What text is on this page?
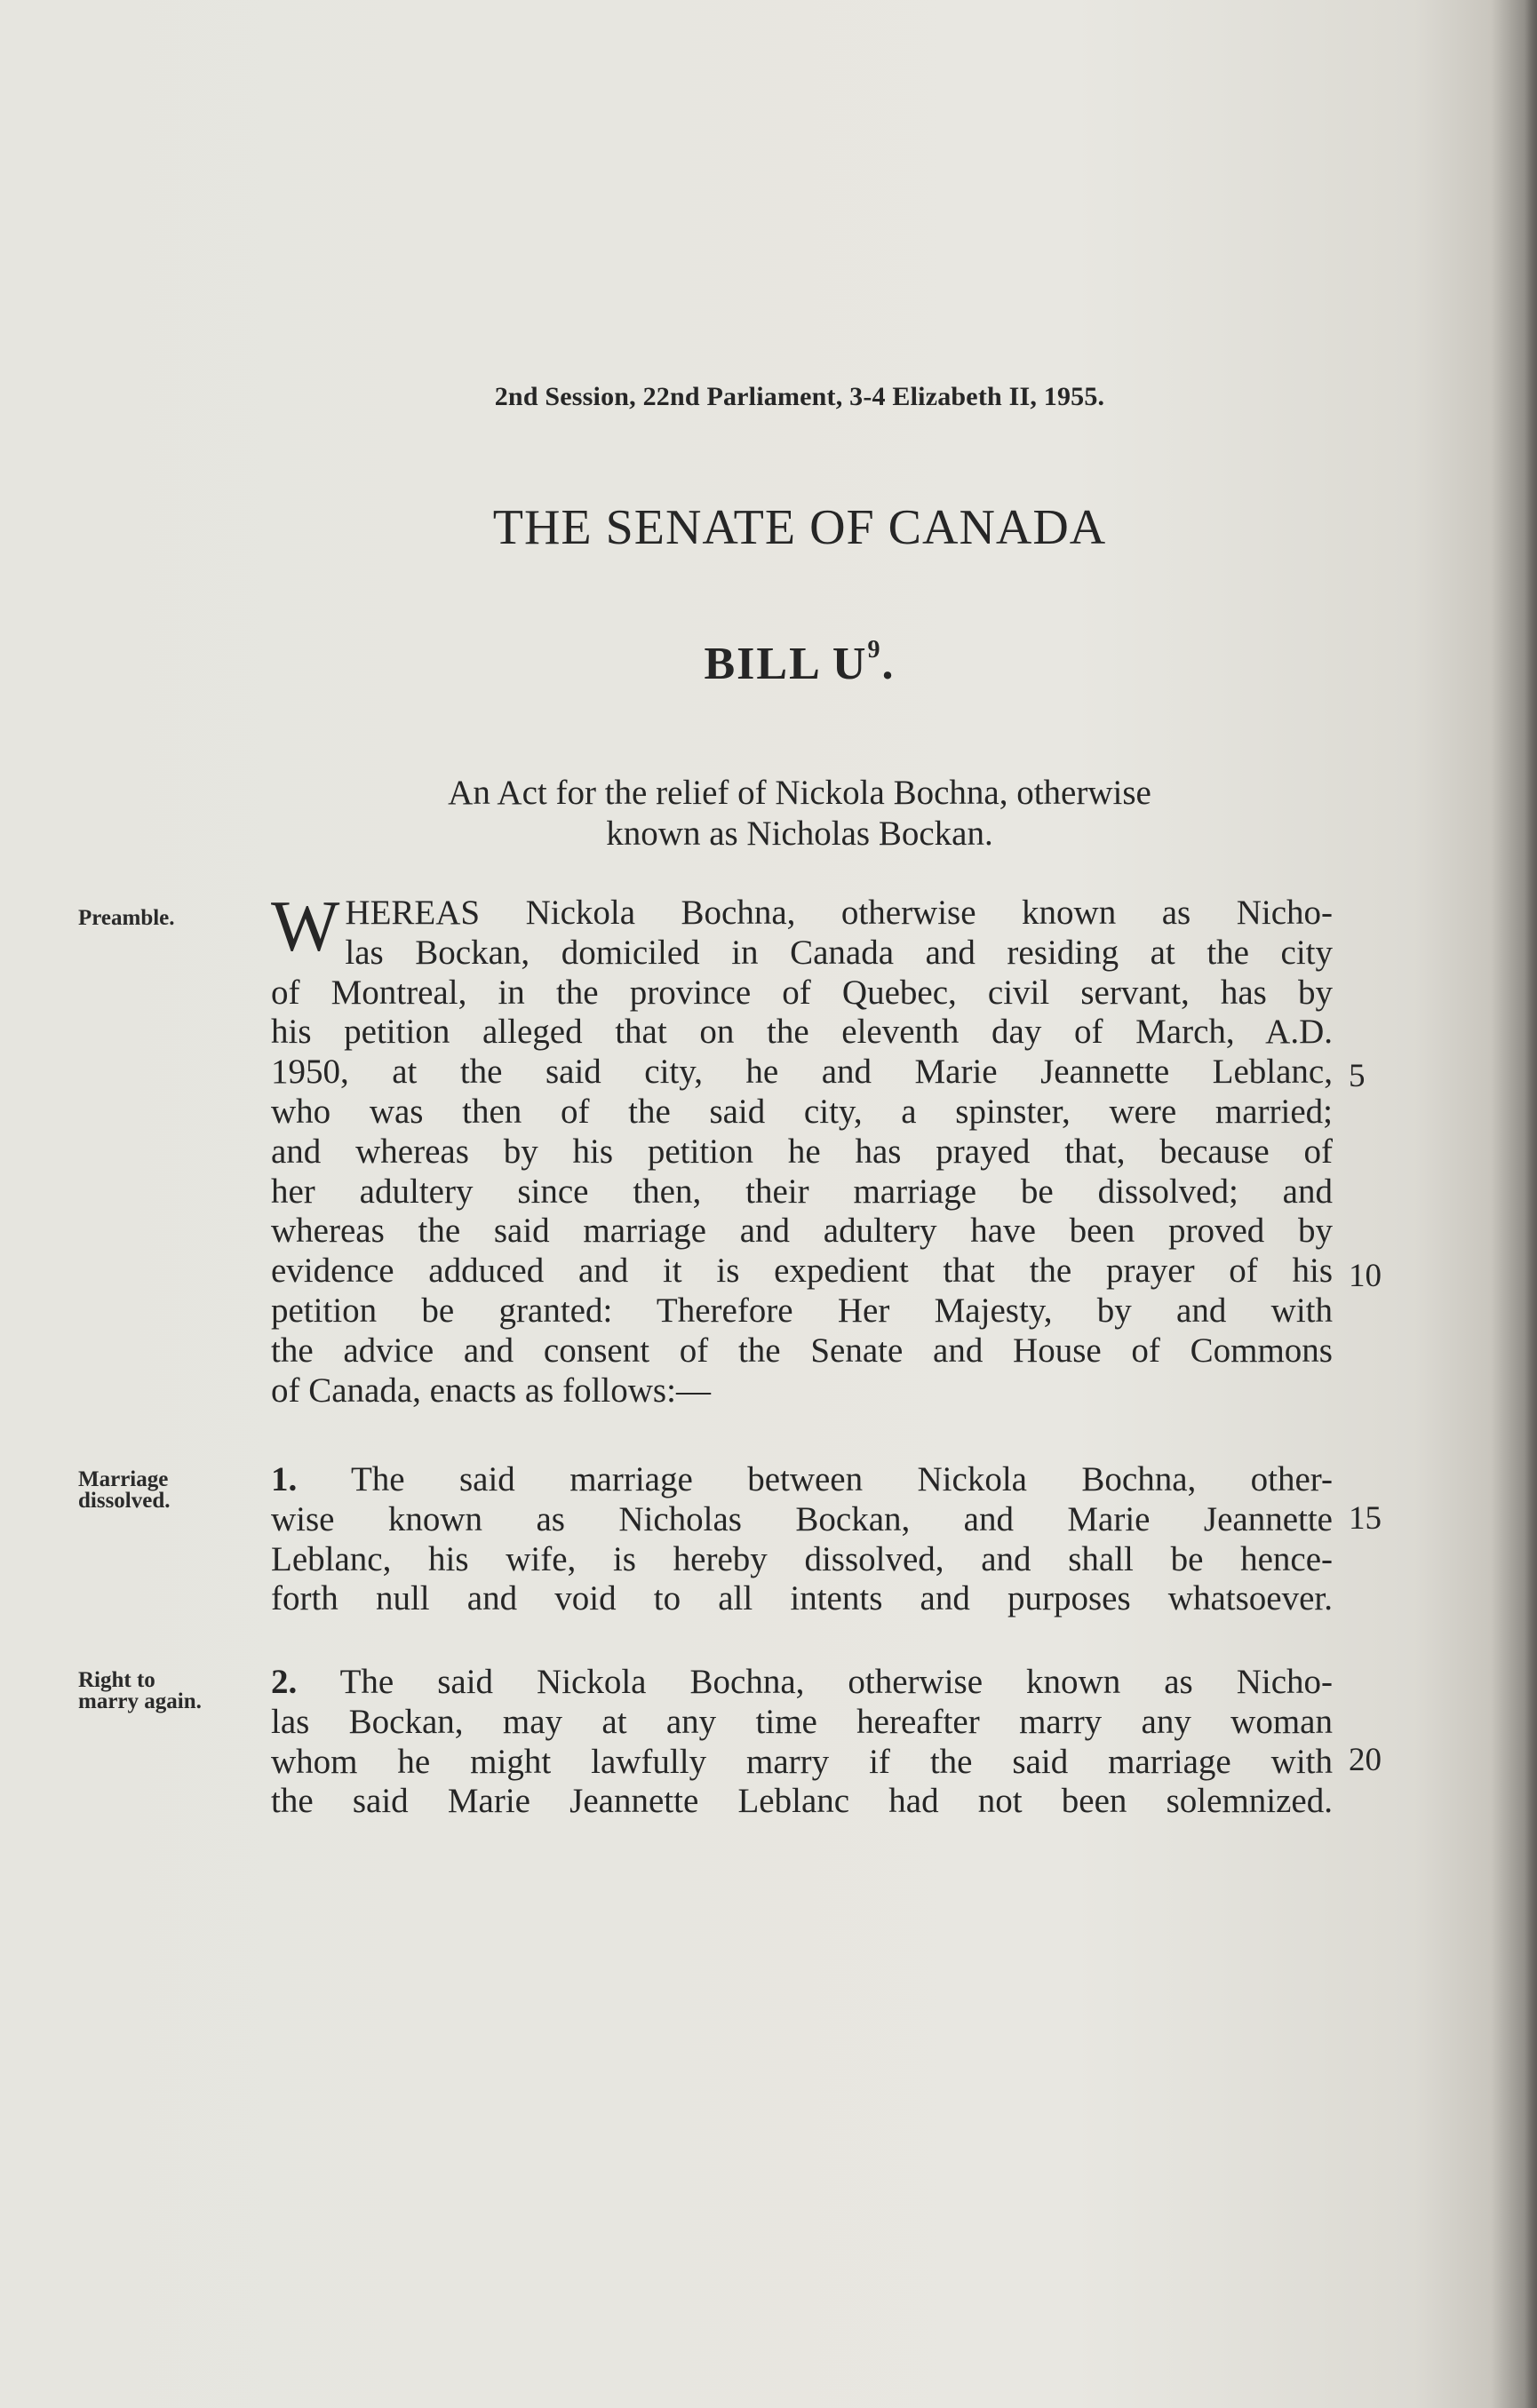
2nd Session, 22nd Parliament, 3-4 Elizabeth II, 1955.
THE SENATE OF CANADA
BILL $U^9$.
An Act for the relief of Nickola Bochna, otherwise
known as Nicholas Bockan.
Preamble.
Marriage
dissolved.
Right to
marry again.
W HEREAS Nickola Bochna, otherwise known as Nicho-
las Bockan, domiciled in Canada and residing at the city
of Montreal, in the province of Quebec, civil servant, has by
his petition alleged that on the eleventh day of March, A.D.
1950, at the said city, he and Marie Jeannette Leblanc,
who was then of the said city, a spinster, were married;
and whereas by his petition he has prayed that, because of
her adultery since then, their marriage be dissolved; and
whereas the said marriage and adultery have been proved by
evidence adduced and it is expedient that the prayer of his
petition be granted: Therefore Her Majesty, by and with
the advice and consent of the Senate and House of Commons
of Canada, enacts as follows:—
1. The said marriage between Nickola Bochna, other-
wise known as Nicholas Bockan, and Marie Jeannette
Leblanc, his wife, is hereby dissolved, and shall be hence-
forth null and void to all intents and purposes whatsoever.
2. The said Nickola Bochna, otherwise known as Nicho-
las Bockan, may at any time hereafter marry any woman
whom he might lawfully marry if the said marriage with
the said Marie Jeannette Leblanc had not been solemnized.
5
10
15
20
